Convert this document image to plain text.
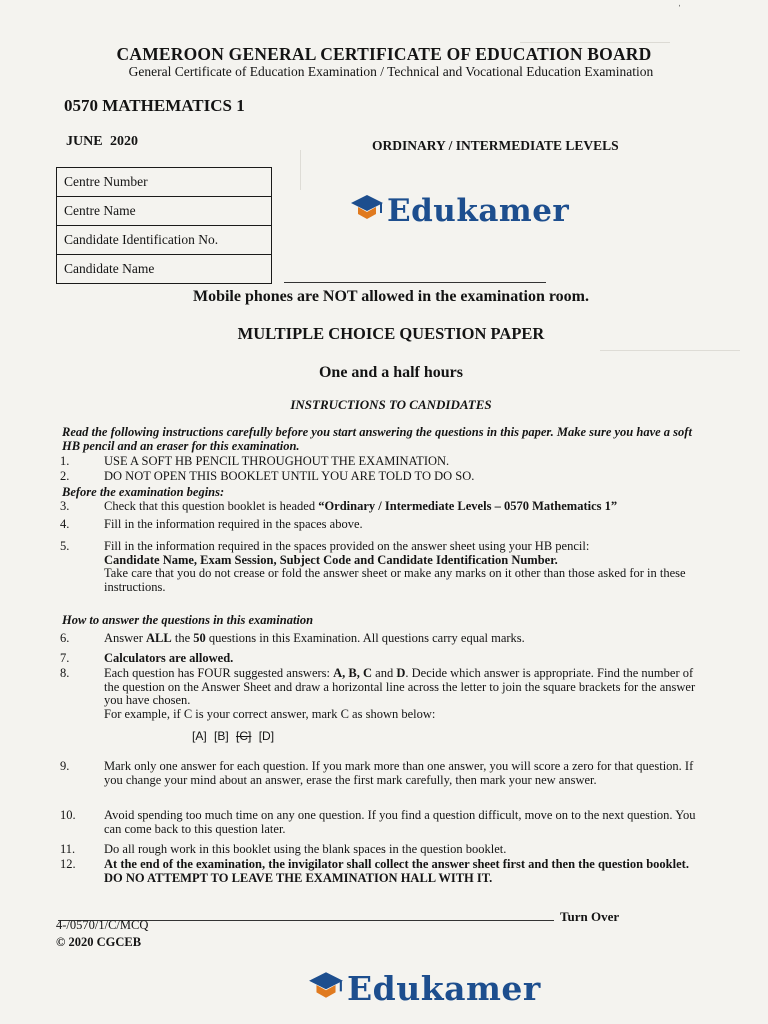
ˈ
CAMEROON GENERAL CERTIFICATE OF EDUCATION BOARD
General Certificate of Education Examination / Technical and Vocational Education Examination
0570 MATHEMATICS 1
JUNE 2020	ORDINARY / INTERMEDIATE LEVELS
Centre Number
Centre Name
Candidate Identification No.
Candidate Name
Edu kamer
Mobile phones are NOT allowed in the examination room.
MULTIPLE CHOICE QUESTION PAPER
One and a half hours
INSTRUCTIONS TO CANDIDATES
Read the following instructions carefully before you start answering the questions in this paper. Make sure you have a soft HB pencil and an eraser for this examination.
1.	USE A SOFT HB PENCIL THROUGHOUT THE EXAMINATION.
2.	DO NOT OPEN THIS BOOKLET UNTIL YOU ARE TOLD TO DO SO.
Before the examination begins:
3.	Check that this question booklet is headed “Ordinary / Intermediate Levels – 0570 Mathematics 1”
4.	Fill in the information required in the spaces above.
5.	Fill in the information required in the spaces provided on the answer sheet using your HB pencil:
Candidate Name, Exam Session, Subject Code and Candidate Identification Number.
Take care that you do not crease or fold the answer sheet or make any marks on it other than those asked for in these instructions.
How to answer the questions in this examination
6.	Answer ALL the 50 questions in this Examination. All questions carry equal marks.
7.	Calculators are allowed.
8.	Each question has FOUR suggested answers: A, B, C and D. Decide which answer is appropriate. Find the number of the question on the Answer Sheet and draw a horizontal line across the letter to join the square brackets for the answer you have chosen.
For example, if C is your correct answer, mark C as shown below:
[A] [B] [C] [D]
9.	Mark only one answer for each question. If you mark more than one answer, you will score a zero for that question. If you change your mind about an answer, erase the first mark carefully, then mark your new answer.
10.	Avoid spending too much time on any one question. If you find a question difficult, move on to the next question. You can come back to this question later.
11.	Do all rough work in this booklet using the blank spaces in the question booklet.
12.	At the end of the examination, the invigilator shall collect the answer sheet first and then the question booklet. DO NO ATTEMPT TO LEAVE THE EXAMINATION HALL WITH IT.
Turn Over
4-/0570/1/C/MCQ
© 2020 CGCEB
Edu kamer
